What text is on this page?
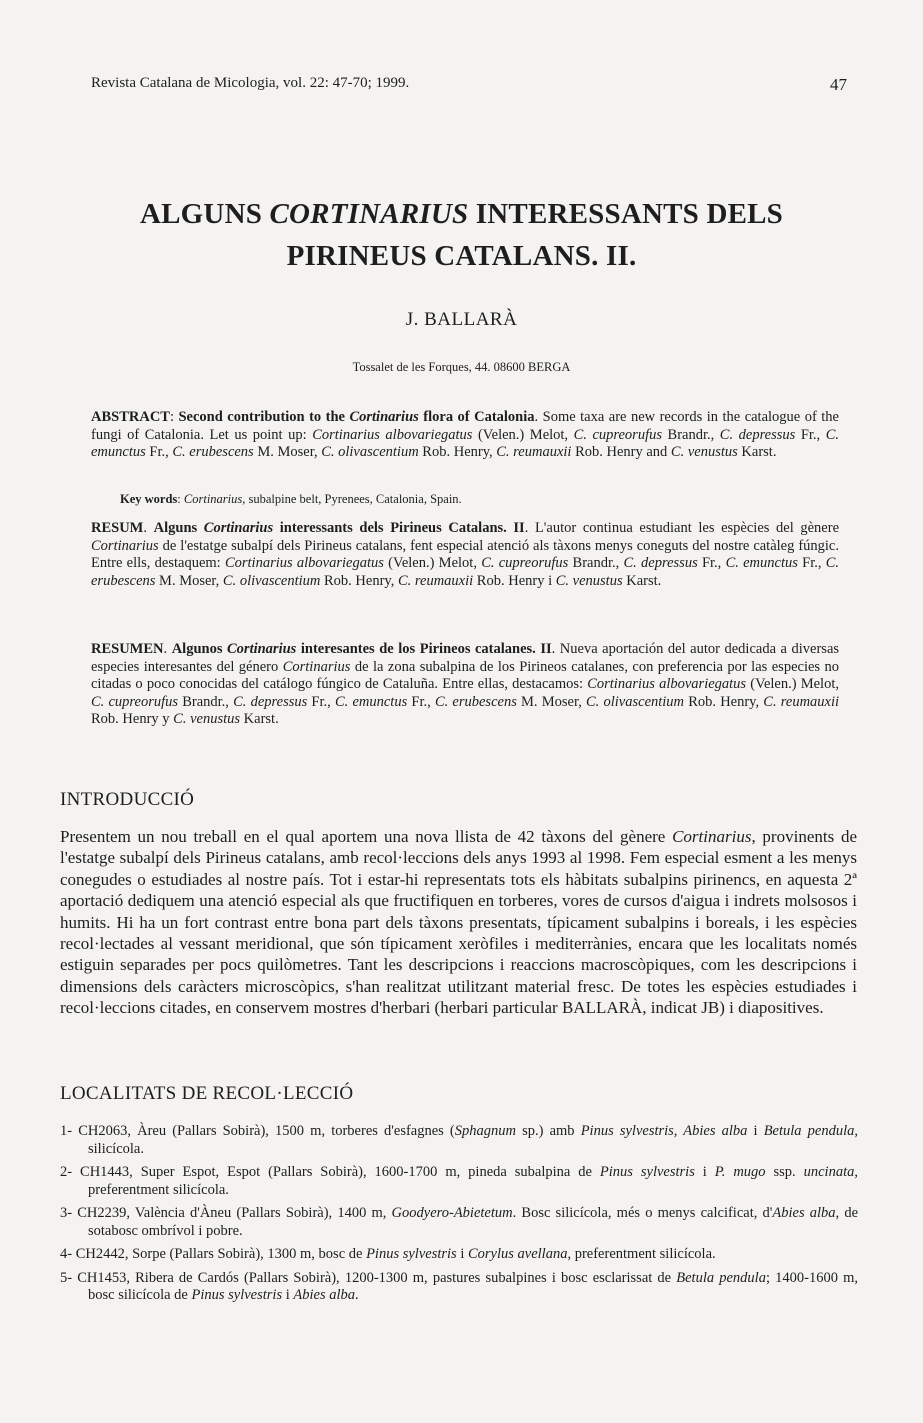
Revista Catalana de Micologia, vol. 22: 47-70; 1999.	47
ALGUNS CORTINARIUS INTERESSANTS DELS
PIRINEUS CATALANS. II.
J. BALLARÀ
Tossalet de les Forques, 44. 08600 BERGA
ABSTRACT: Second contribution to the Cortinarius flora of Catalonia. Some taxa are new records in the catalogue of the fungi of Catalonia. Let us point up: Cortinarius albovariegatus (Velen.) Melot, C. cupreorufus Brandr., C. depressus Fr., C. emunctus Fr., C. erubescens M. Moser, C. olivascentium Rob. Henry, C. reumauxii Rob. Henry and C. venustus Karst.
Key words: Cortinarius, subalpine belt, Pyrenees, Catalonia, Spain.
RESUM. Alguns Cortinarius interessants dels Pirineus Catalans. II. L'autor continua estudiant les espècies del gènere Cortinarius de l'estatge subalpí dels Pirineus catalans, fent especial atenció als tàxons menys coneguts del nostre catàleg fúngic. Entre ells, destaquem: Cortinarius albovariegatus (Velen.) Melot, C. cupreorufus Brandr., C. depressus Fr., C. emunctus Fr., C. erubescens M. Moser, C. olivascentium Rob. Henry, C. reumauxii Rob. Henry i C. venustus Karst.
RESUMEN. Algunos Cortinarius interesantes de los Pirineos catalanes. II. Nueva aportación del autor dedicada a diversas especies interesantes del género Cortinarius de la zona subalpina de los Pirineos catalanes, con preferencia por las especies no citadas o poco conocidas del catálogo fúngico de Cataluña. Entre ellas, destacamos: Cortinarius albovariegatus (Velen.) Melot, C. cupreorufus Brandr., C. depressus Fr., C. emunctus Fr., C. erubescens M. Moser, C. olivascentium Rob. Henry, C. reumauxii Rob. Henry y C. venustus Karst.
INTRODUCCIÓ
Presentem un nou treball en el qual aportem una nova llista de 42 tàxons del gènere Cortinarius, provinents de l'estatge subalpí dels Pirineus catalans, amb recol·leccions dels anys 1993 al 1998. Fem especial esment a les menys conegudes o estudiades al nostre país. Tot i estar-hi representats tots els hàbitats subalpins pirinencs, en aquesta 2ª aportació dediquem una atenció especial als que fructifiquen en torberes, vores de cursos d'aigua i indrets molsosos i humits. Hi ha un fort contrast entre bona part dels tàxons presentats, típicament subalpins i boreals, i les espècies recol·lectades al vessant meridional, que són típicament xeròfiles i mediterrànies, encara que les localitats només estiguin separades per pocs quilòmetres. Tant les descripcions i reaccions macroscòpiques, com les descripcions i dimensions dels caràcters microscòpics, s'han realitzat utilitzant material fresc. De totes les espècies estudiades i recol·leccions citades, en conservem mostres d'herbari (herbari particular BALLARÀ, indicat JB) i diapositives.
LOCALITATS DE RECOL·LECCIÓ
1- CH2063, Àreu (Pallars Sobirà), 1500 m, torberes d'esfagnes (Sphagnum sp.) amb Pinus sylvestris, Abies alba i Betula pendula, silicícola.
2- CH1443, Super Espot, Espot (Pallars Sobirà), 1600-1700 m, pineda subalpina de Pinus sylvestris i P. mugo ssp. uncinata, preferentment silicícola.
3- CH2239, València d'Àneu (Pallars Sobirà), 1400 m, Goodyero-Abietetum. Bosc silicícola, més o menys calcificat, d'Abies alba, de sotabosc ombrívol i pobre.
4- CH2442, Sorpe (Pallars Sobirà), 1300 m, bosc de Pinus sylvestris i Corylus avellana, preferentment silicícola.
5- CH1453, Ribera de Cardós (Pallars Sobirà), 1200-1300 m, pastures subalpines i bosc esclarissat de Betula pendula; 1400-1600 m, bosc silicícola de Pinus sylvestris i Abies alba.
